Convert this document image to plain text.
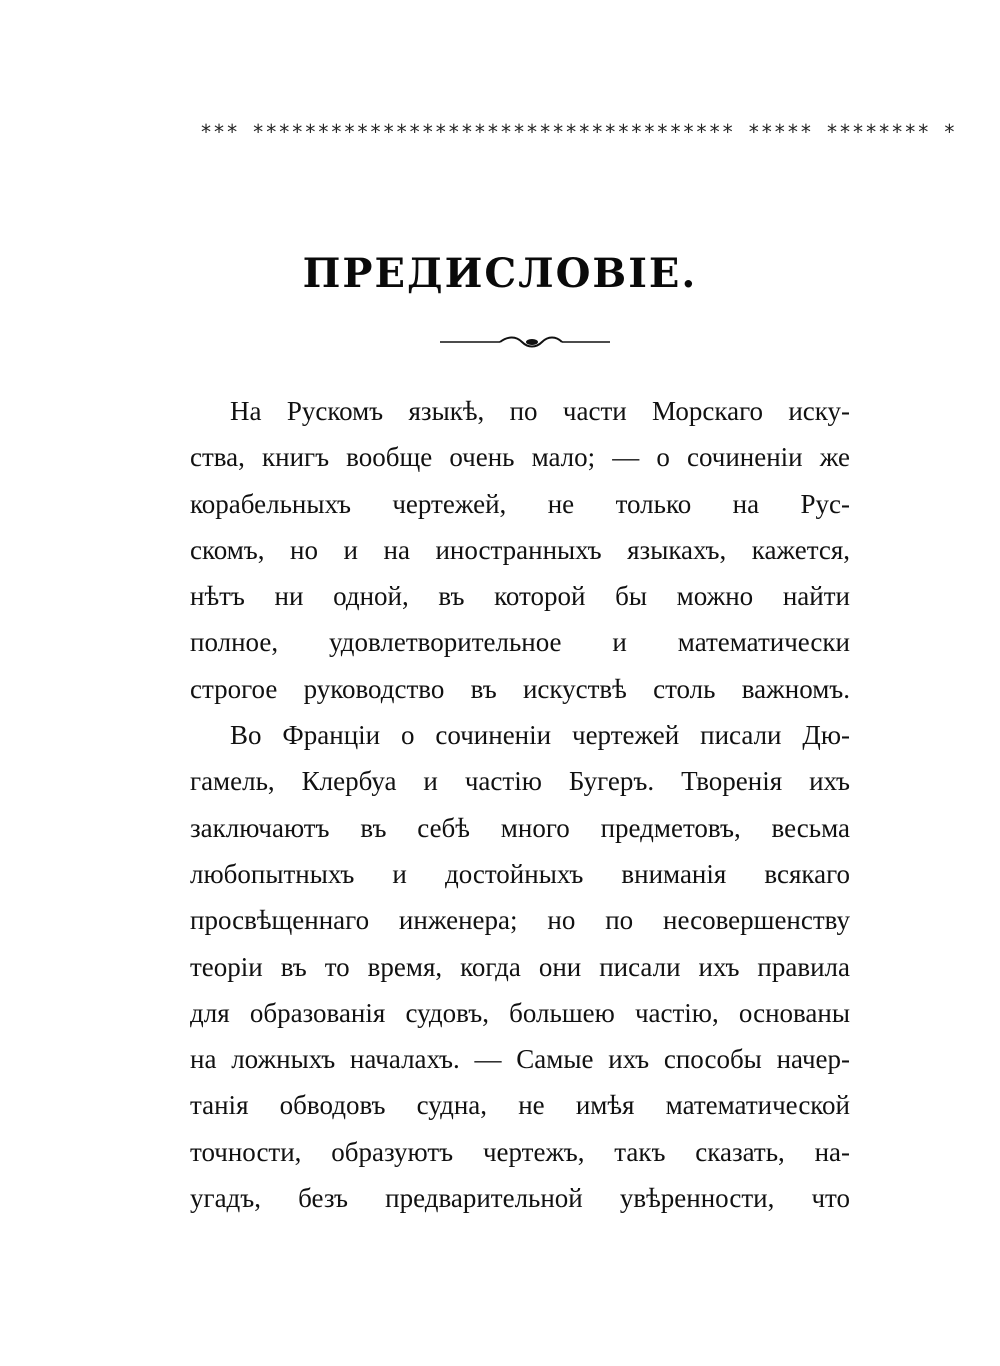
*** ************************************* ***** ******** *
ПРЕДИСЛОВІЕ.
На Рускомъ языкѣ, по части Морскаго иску-
ства, книгъ вообще очень мало; — о сочиненіи же
корабельныхъ чертежей, не только на Рус-
скомъ, но и на иностранныхъ языкахъ, кажется,
нѣтъ ни одной, въ которой бы можно найти
полное, удовлетворительное и математически
строгое руководство въ искуствѣ столь важномъ.
Во Франціи о сочиненіи чертежей писали Дю-
гамель, Клербуа и частію Бугеръ. Творенія ихъ
заключаютъ въ себѣ много предметовъ, весьма
любопытныхъ и достойныхъ вниманія всякаго
просвѣщеннаго инженера; но по несовершенству
теоріи въ то время, когда они писали ихъ правила
для образованія судовъ, большею частію, основаны
на ложныхъ началахъ. — Самые ихъ способы начер-
танія обводовъ судна, не имѣя математической
точности, образуютъ чертежъ, такъ сказать, на-
угадъ, безъ предварительной увѣренности, что
